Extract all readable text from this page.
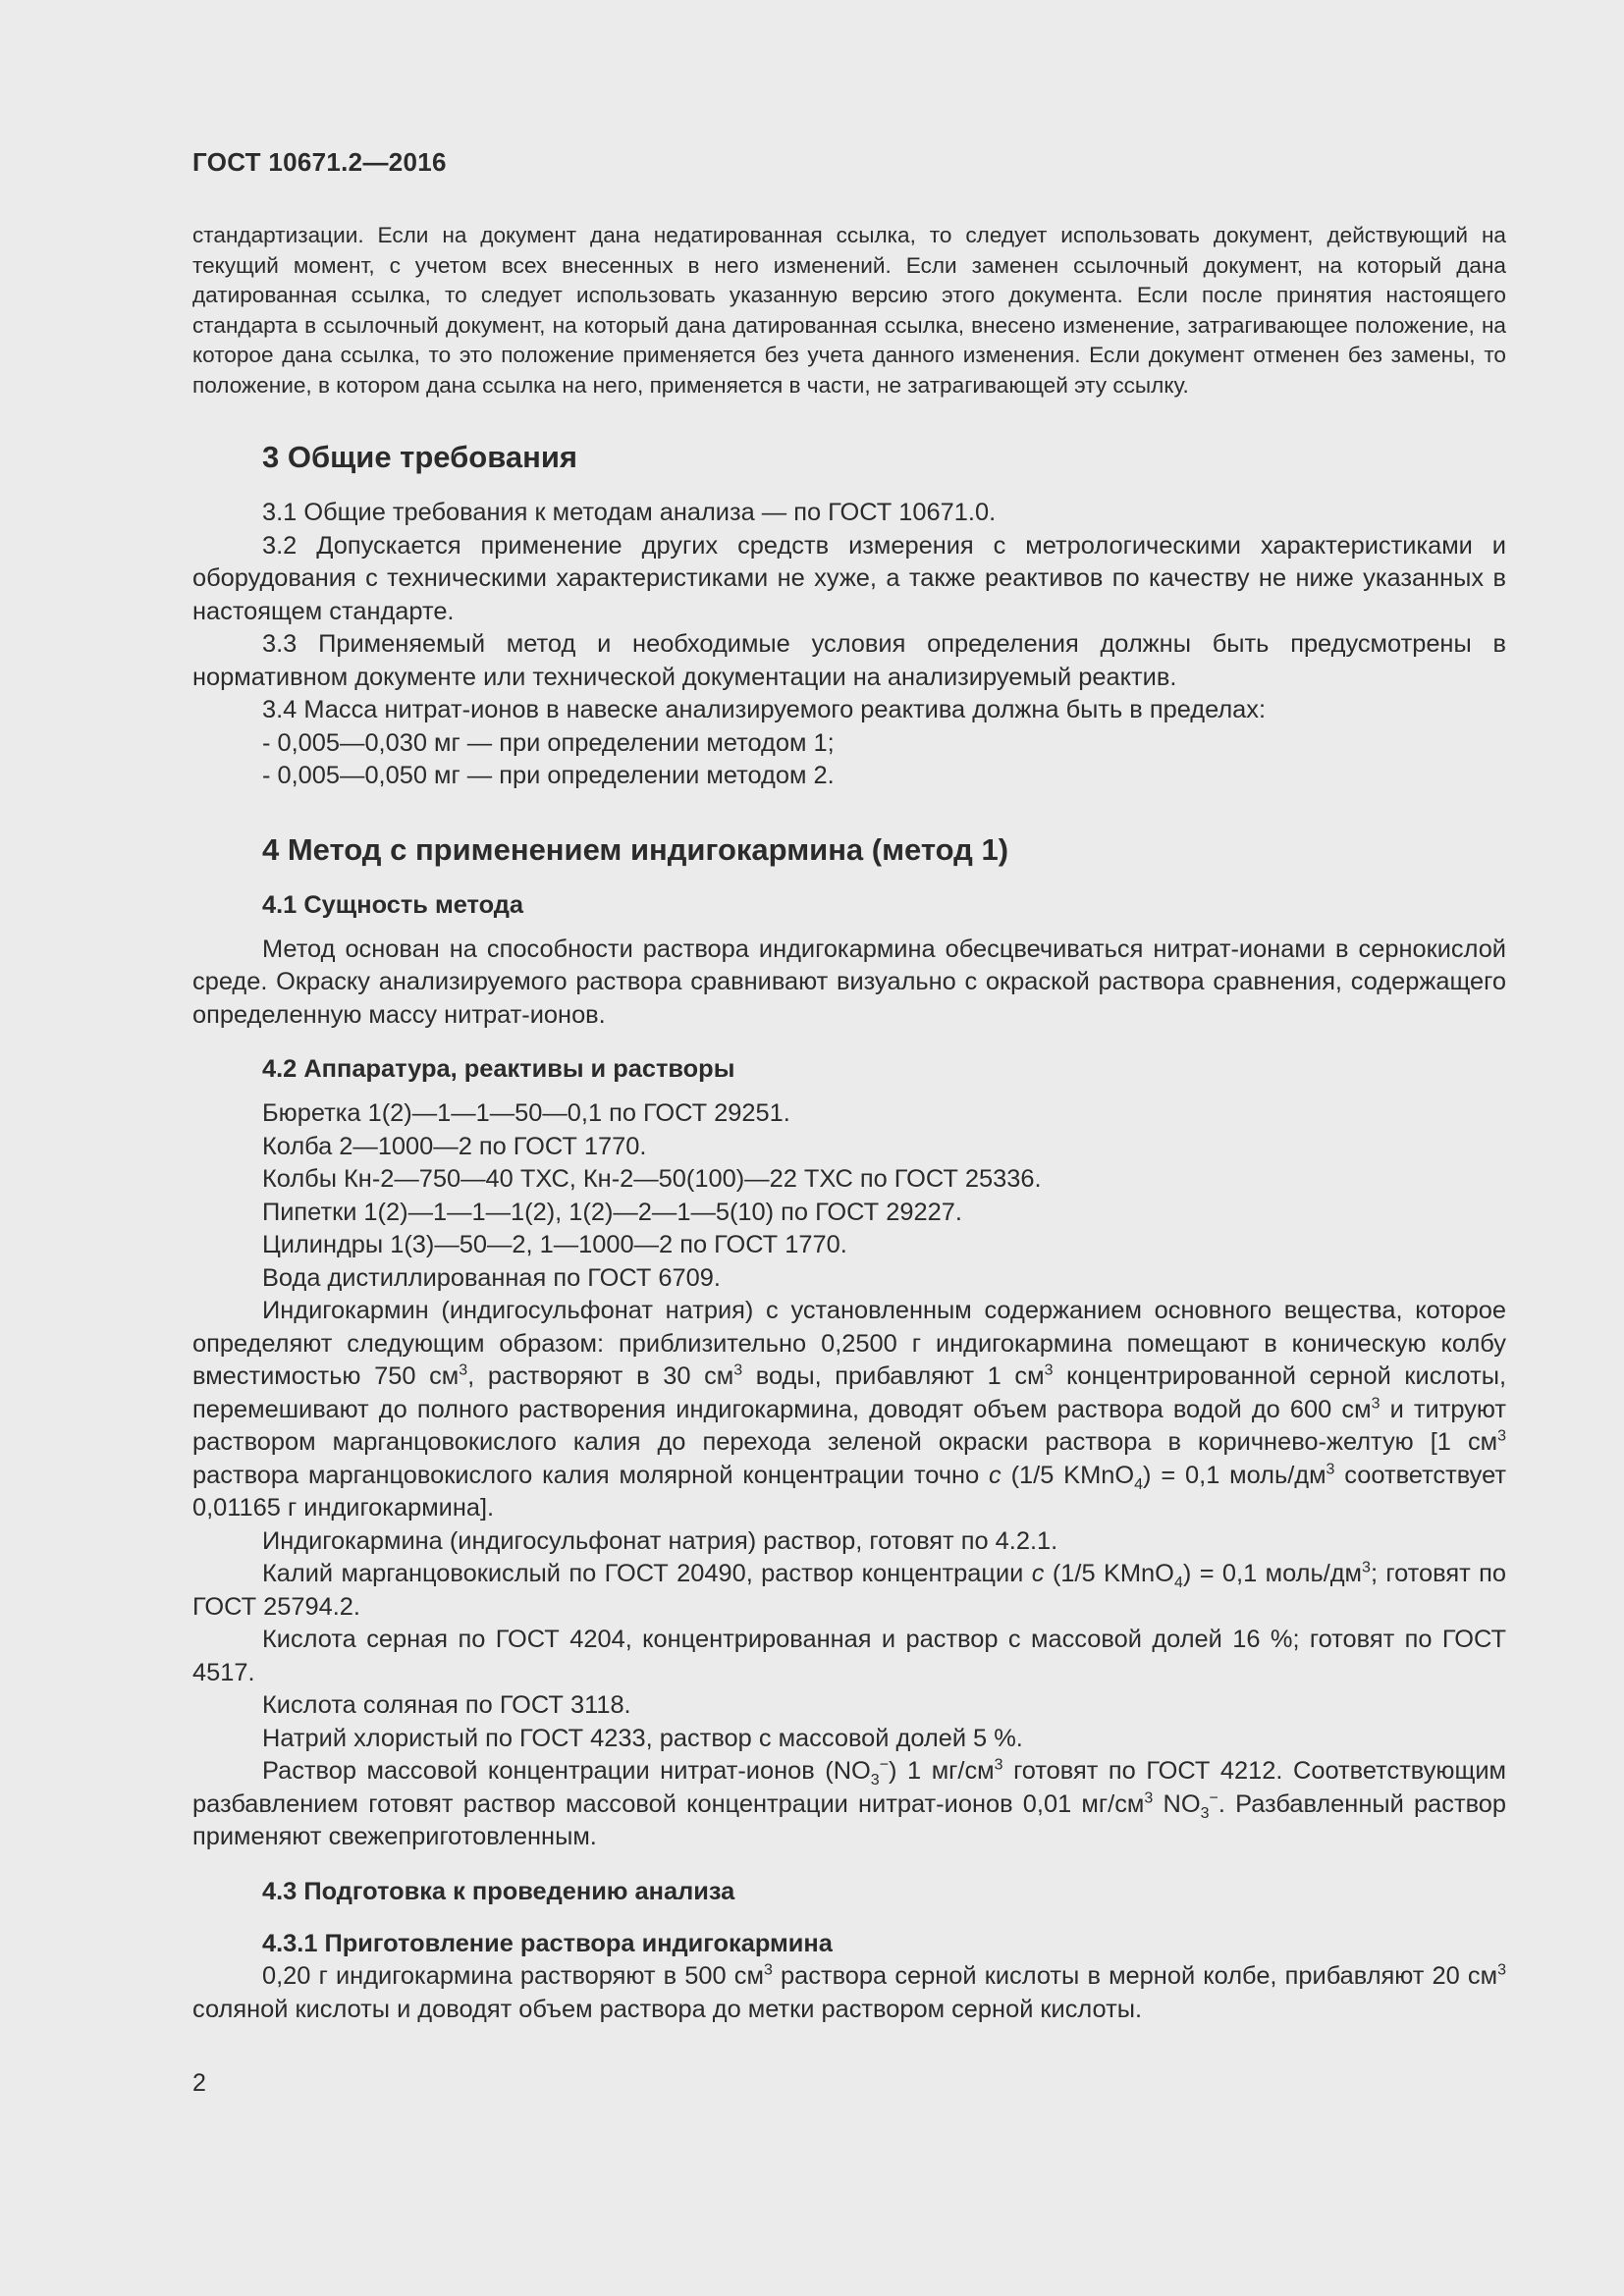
ГОСТ 10671.2—2016

стандартизации. Если на документ дана недатированная ссылка, то следует использовать документ, действующий на текущий момент, с учетом всех внесенных в него изменений. Если заменен ссылочный документ, на который дана датированная ссылка, то следует использовать указанную версию этого документа. Если после принятия настоящего стандарта в ссылочный документ, на который дана датированная ссылка, внесено изменение, затрагивающее положение, на которое дана ссылка, то это положение применяется без учета данного изменения. Если документ отменен без замены, то положение, в котором дана ссылка на него, применяется в части, не затрагивающей эту ссылку.

3 Общие требования

3.1 Общие требования к методам анализа — по ГОСТ 10671.0.

3.2 Допускается применение других средств измерения с метрологическими характеристиками и оборудования с техническими характеристиками не хуже, а также реактивов по качеству не ниже указанных в настоящем стандарте.

3.3 Применяемый метод и необходимые условия определения должны быть предусмотрены в нормативном документе или технической документации на анализируемый реактив.

3.4 Масса нитрат-ионов в навеске анализируемого реактива должна быть в пределах:

- 0,005—0,030 мг — при определении методом 1;

- 0,005—0,050 мг — при определении методом 2.

4 Метод с применением индигокармина (метод 1)
4.1 Сущность метода

Метод основан на способности раствора индигокармина обесцвечиваться нитрат-ионами в сернокислой среде. Окраску анализируемого раствора сравнивают визуально с окраской раствора сравнения, содержащего определенную массу нитрат-ионов.

4.2 Аппаратура, реактивы и растворы

Бюретка 1(2)—1—1—50—0,1 по ГОСТ 29251.

Колба 2—1000—2 по ГОСТ 1770.

Колбы Кн-2—750—40 ТХС, Кн-2—50(100)—22 ТХС по ГОСТ 25336.

Пипетки 1(2)—1—1—1(2), 1(2)—2—1—5(10) по ГОСТ 29227.

Цилиндры 1(3)—50—2, 1—1000—2 по ГОСТ 1770.

Вода дистиллированная по ГОСТ 6709.

Индигокармин (индигосульфонат натрия) с установленным содержанием основного вещества, которое определяют следующим образом: приблизительно 0,2500 г индигокармина помещают в коническую колбу вместимостью 750 $см^3$, растворяют в 30 $см^3$ воды, прибавляют 1 $см^3$ концентрированной серной кислоты, перемешивают до полного растворения индигокармина, доводят объем раствора водой до 600 $см^3$ и титруют раствором марганцовокислого калия до перехода зеленой окраски раствора в коричнево-желтую [1 $см^3$ раствора марганцовокислого калия молярной концентрации точно c (1/5 KMnO$_4$) = 0,1 моль/$дм^3$ соответствует 0,01165 г индигокармина].

Индигокармина (индигосульфонат натрия) раствор, готовят по 4.2.1.

Калий марганцовокислый по ГОСТ 20490, раствор концентрации c (1/5 KMnO$_4$) = 0,1 моль/$дм^3$; готовят по ГОСТ 25794.2.

Кислота серная по ГОСТ 4204, концентрированная и раствор с массовой долей 16 %; готовят по ГОСТ 4517.

Кислота соляная по ГОСТ 3118.

Натрий хлористый по ГОСТ 4233, раствор с массовой долей 5 %.

Раствор массовой концентрации нитрат-ионов $(NO_3^-)$ 1 $мг/см^3$ готовят по ГОСТ 4212. Соответствующим разбавлением готовят раствор массовой концентрации нитрат-ионов 0,01 $мг/см^3$ $NO_3^-$. Разбавленный раствор применяют свежеприготовленным.

4.3 Подготовка к проведению анализа
4.3.1 Приготовление раствора индигокармина

0,20 г индигокармина растворяют в 500 $см^3$ раствора серной кислоты в мерной колбе, прибавляют 20 $см^3$ соляной кислоты и доводят объем раствора до метки раствором серной кислоты.

2
